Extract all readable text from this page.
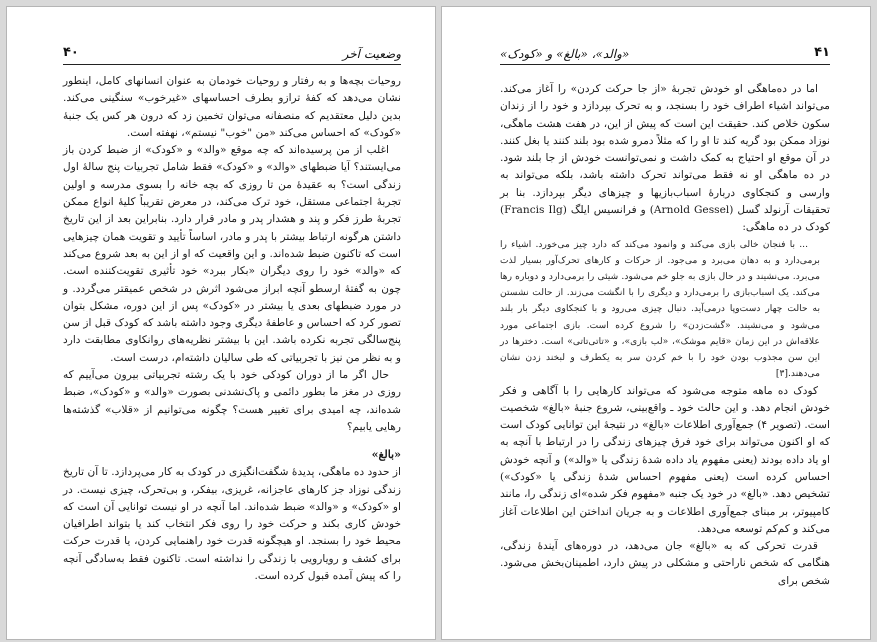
وضعیت آخر
۴۰

روحیات بچه‌ها و به رفتار و روحیات خودمان به عنوان انسانهای کامل، اینطور نشان می‌دهد که کفهٔ ترازو بطرف احساسهای «غیرخوب» سنگینی می‌کند. بدین دلیل معتقدیم که منصفانه می‌توان تخمین زد که درون هر کس یک جنبهٔ «کودک» که احساس می‌کند «من "خوب" نیستم»، نهفته است.

اغلب از من پرسیده‌اند که چه موقع «والد» و «کودک» از ضبط کردن باز می‌ایستند؟ آیا ضبطهای «والد» و «کودک» فقط شامل تجربیات پنج سالهٔ اول زندگی است؟ به عقیدهٔ من تا روزی که بچه خانه را بسوی مدرسه و اولین تجربهٔ اجتماعی مستقل، خود ترک می‌کند، در معرض تقریباً کلیهٔ انواع ممکن تجربهٔ طرز فکر و پند و هشدار پدر و مادر قرار دارد. بنابراین بعد از این تاریخ داشتن هرگونه ارتباط بیشتر با پدر و مادر، اساساً تأیید و تقویت همان چیزهایی است که تاکنون ضبط شده‌اند. و این واقعیت که او از این به بعد شروع می‌کند که «والد» خود را روی دیگران «بکار ببرد» خود تأثیری تقویت‌کننده است. چون به گفتهٔ ارسطو آنچه ابراز می‌شود اثرش در شخص عمیقتر می‌گردد. و در مورد ضبطهای بعدی یا بیشتر در «کودک» پس از این دوره، مشکل بتوان تصور کرد که احساس و عاطفهٔ دیگری وجود داشته باشد که کودک قبل از سن پنج‌سالگی تجربه نکرده باشد. این با بیشتر نظریه‌های روانکاوی مطابقت دارد و به نظر من نیز با تجربیاتی که طی سالیان داشته‌ام، درست است.

حال اگر ما از دوران کودکی خود با یک رشته تجربیاتی بیرون می‌آییم که روزی در مغز ما بطور دائمی و پاک‌نشدنی بصورت «والد» و «کودک»، ضبط شده‌اند، چه امیدی برای تغییر هست؟ چگونه می‌توانیم از «قلاب» گذشته‌ها رهایی یابیم؟

«بالغ»

از حدود ده ماهگی، پدیدهٔ شگفت‌انگیزی در کودک به کار می‌پردازد. تا آن تاریخ زندگی نوزاد جز کارهای عاجزانه، غریزی، بیفکر، و بی‌تحرک، چیزی نیست. در او «کودک» و «والد» ضبط شده‌اند. اما آنچه در او نیست توانایی آن است که خودش کاری بکند و حرکت خود را روی فکر انتخاب کند یا بتواند اطرافیان محیط خود را بسنجد. او هیچگونه قدرت خود راهنمایی کردن، یا قدرت حرکت برای کشف و رویارویی با زندگی را نداشته است. تاکنون فقط به‌سادگی آنچه را که پیش آمده قبول کرده است.

۴۱
«والد»، «بالغ» و «کودک»

اما در ده‌ماهگی او خودش تجربهٔ «از جا حرکت کردن» را آغاز می‌کند. می‌تواند اشیاء اطراف خود را بسنجد، و به تحرک بپردازد و خود را از زندان سکون خلاص کند. حقیقت این است که پیش از این، در هفت هشت ماهگی، نوزاد ممکن بود گریه کند تا او را که مثلاً دمرو شده بود بلند کنند یا بغل کنند. در آن موقع او احتیاج به کمک داشت و نمی‌توانست خودش از جا بلند شود. در ده ماهگی او نه فقط می‌تواند تحرک داشته باشد، بلکه می‌تواند به وارسی و کنجکاوی دربارهٔ اسباب‌بازیها و چیزهای دیگر بپردازد. بنا بر تحقیقات آرنولد گسل (Arnold Gessel) و فرانسیس ایلگ (Francis Ilg) کودک در ده ماهگی:

... با فنجان خالی بازی می‌کند و وانمود می‌کند که دارد چیز می‌خورد. اشیاء را برمی‌دارد و به دهان می‌برد و می‌جود. از حرکات و کارهای تحرک‌آور بسیار لذت می‌برد. می‌نشیند و در حال بازی به جلو خم می‌شود. شیئی را برمی‌دارد و دوباره رها می‌کند. یک اسباب‌بازی را برمی‌دارد و دیگری را با انگشت می‌زند. از حالت نشستن به حالت چهار دست‌وپا درمی‌آید. دنبال چیزی می‌رود و با کنجکاوی دیگر بار بلند می‌شود و می‌نشیند. «گشت‌زدن» را شروع کرده است. بازی اجتماعی مورد علاقه‌اش در این زمان «قایم موشک»، «لب بازی»، و «تاتی‌تاتی» است. دخترها در این سن مجذوب بودن خود را با خم کردن سر به یکطرف و لبخند زدن نشان می‌دهند.[۳]

کودک ده ماهه متوجه می‌شود که می‌تواند کارهایی را با آگاهی و فکر خودش انجام دهد. و این حالت خود ـ واقع‌بینی، شروع جنبهٔ «بالغ» شخصیت است. (تصویر ۴) جمع‌آوری اطلاعات «بالغ» در نتیجهٔ این توانایی کودک است که او اکنون می‌تواند برای خود فرق چیزهای زندگی را در ارتباط با آنچه به او یاد داده بودند (یعنی مفهوم یاد داده شدهٔ زندگی یا «والد») و آنچه خودش احساس کرده است (یعنی مفهوم احساس شدهٔ زندگی یا «کودک») تشخیص دهد. «بالغ» در خود یک جنبه «مفهوم فکر شده»ای زندگی را، مانند کامپیوتر، بر مبنای جمع‌آوری اطلاعات و به جریان انداختن این اطلاعات آغاز می‌کند و کم‌کم توسعه می‌دهد.

قدرت تحرکی که به «بالغ» جان می‌دهد، در دوره‌های آیندهٔ زندگی، هنگامی که شخص ناراحتی و مشکلی در پیش دارد، اطمینان‌بخش می‌شود. شخص برای
